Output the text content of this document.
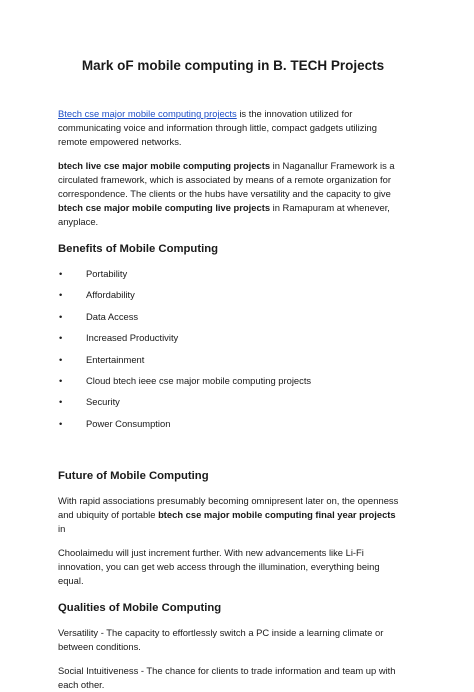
Mark oF mobile computing in B. TECH Projects

Btech cse major mobile computing projects is the innovation utilized for communicating voice and information through little, compact gadgets utilizing remote empowered networks.

btech live cse major mobile computing projects in Naganallur Framework is a circulated framework, which is associated by means of a remote organization for correspondence. The clients or the hubs have versatility and the capacity to give btech cse major mobile computing live projects in Ramapuram at whenever, anyplace.

Benefits of Mobile Computing
•	Portability
•	Affordability
•	Data Access
•	Increased Productivity
•	Entertainment
•	Cloud btech ieee cse major mobile computing projects
•	Security
•	Power Consumption
Future of Mobile Computing

With rapid associations presumably becoming omnipresent later on, the openness and ubiquity of portable btech cse major mobile computing final year projects in

Choolaimedu will just increment further. With new advancements like Li-Fi innovation, you can get web access through the illumination, everything being equal.

Qualities of Mobile Computing

Versatility - The capacity to effortlessly switch a PC inside a learning climate or between conditions.

Social Intuitiveness - The chance for clients to trade information and team up with each other.
